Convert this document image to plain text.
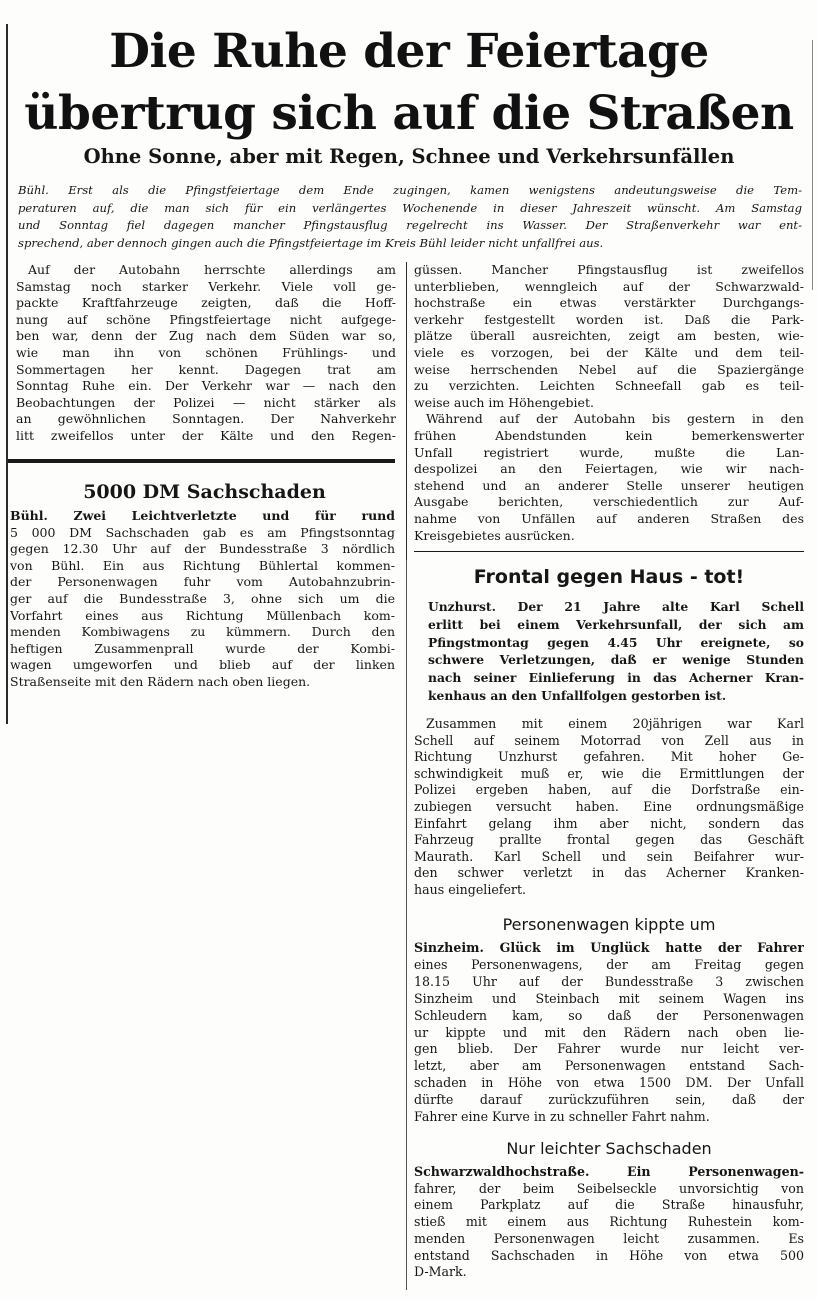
Die Ruhe der Feiertage
übertrug sich auf die Straßen
Ohne Sonne, aber mit Regen, Schnee und Verkehrsunfällen
Bühl. Erst als die Pfingstfeiertage dem Ende zugingen, kamen wenigstens andeutungsweise die Tem-
peraturen auf, die man sich für ein verlängertes Wochenende in dieser Jahreszeit wünscht. Am Samstag
und Sonntag fiel dagegen mancher Pfingstausflug regelrecht ins Wasser. Der Straßenverkehr war ent-
sprechend, aber dennoch gingen auch die Pfingstfeiertage im Kreis Bühl leider nicht unfallfrei aus.
Auf der Autobahn herrschte allerdings am
Samstag noch starker Verkehr. Viele voll ge-
packte Kraftfahrzeuge zeigten, daß die Hoff-
nung auf schöne Pfingstfeiertage nicht aufgege-
ben war, denn der Zug nach dem Süden war so,
wie man ihn von schönen Frühlings- und
Sommertagen her kennt. Dagegen trat am
Sonntag Ruhe ein. Der Verkehr war — nach den
Beobachtungen der Polizei — nicht stärker als
an gewöhnlichen Sonntagen. Der Nahverkehr
litt zweifellos unter der Kälte und den Regen-
5000 DM Sachschaden
Bühl. Zwei Leichtverletzte und für rund
5 000 DM Sachschaden gab es am Pfingstsonntag
gegen 12.30 Uhr auf der Bundesstraße 3 nördlich
von Bühl. Ein aus Richtung Bühlertal kommen-
der Personenwagen fuhr vom Autobahnzubrin-
ger auf die Bundesstraße 3, ohne sich um die
Vorfahrt eines aus Richtung Müllenbach kom-
menden Kombiwagens zu kümmern. Durch den
heftigen Zusammenprall wurde der Kombi-
wagen umgeworfen und blieb auf der linken
Straßenseite mit den Rädern nach oben liegen.
güssen. Mancher Pfingstausflug ist zweifellos
unterblieben, wenngleich auf der Schwarzwald-
hochstraße ein etwas verstärkter Durchgangs-
verkehr festgestellt worden ist. Daß die Park-
plätze überall ausreichten, zeigt am besten, wie-
viele es vorzogen, bei der Kälte und dem teil-
weise herrschenden Nebel auf die Spaziergänge
zu verzichten. Leichten Schneefall gab es teil-
weise auch im Höhengebiet.
Während auf der Autobahn bis gestern in den
frühen Abendstunden kein bemerkenswerter
Unfall registriert wurde, mußte die Lan-
despolizei an den Feiertagen, wie wir nach-
stehend und an anderer Stelle unserer heutigen
Ausgabe berichten, verschiedentlich zur Auf-
nahme von Unfällen auf anderen Straßen des
Kreisgebietes ausrücken.
Frontal gegen Haus - tot!
Unzhurst. Der 21 Jahre alte Karl Schell
erlitt bei einem Verkehrsunfall, der sich am
Pfingstmontag gegen 4.45 Uhr ereignete, so
schwere Verletzungen, daß er wenige Stunden
nach seiner Einlieferung in das Acherner Kran-
kenhaus an den Unfallfolgen gestorben ist.
Zusammen mit einem 20jährigen war Karl
Schell auf seinem Motorrad von Zell aus in
Richtung Unzhurst gefahren. Mit hoher Ge-
schwindigkeit muß er, wie die Ermittlungen der
Polizei ergeben haben, auf die Dorfstraße ein-
zubiegen versucht haben. Eine ordnungsmäßige
Einfahrt gelang ihm aber nicht, sondern das
Fahrzeug prallte frontal gegen das Geschäft
Maurath. Karl Schell und sein Beifahrer wur-
den schwer verletzt in das Acherner Kranken-
haus eingeliefert.
Personenwagen kippte um
Sinzheim. Glück im Unglück hatte der Fahrer
eines Personenwagens, der am Freitag gegen
18.15 Uhr auf der Bundesstraße 3 zwischen
Sinzheim und Steinbach mit seinem Wagen ins
Schleudern kam, so daß der Personenwagen
ur kippte und mit den Rädern nach oben lie-
gen blieb. Der Fahrer wurde nur leicht ver-
letzt, aber am Personenwagen entstand Sach-
schaden in Höhe von etwa 1500 DM. Der Unfall
dürfte darauf zurückzuführen sein, daß der
Fahrer eine Kurve in zu schneller Fahrt nahm.
Nur leichter Sachschaden
Schwarzwaldhochstraße. Ein Personenwagen-
fahrer, der beim Seibelseckle unvorsichtig von
einem Parkplatz auf die Straße hinausfuhr,
stieß mit einem aus Richtung Ruhestein kom-
menden Personenwagen leicht zusammen. Es
entstand Sachschaden in Höhe von etwa 500
D-Mark.
